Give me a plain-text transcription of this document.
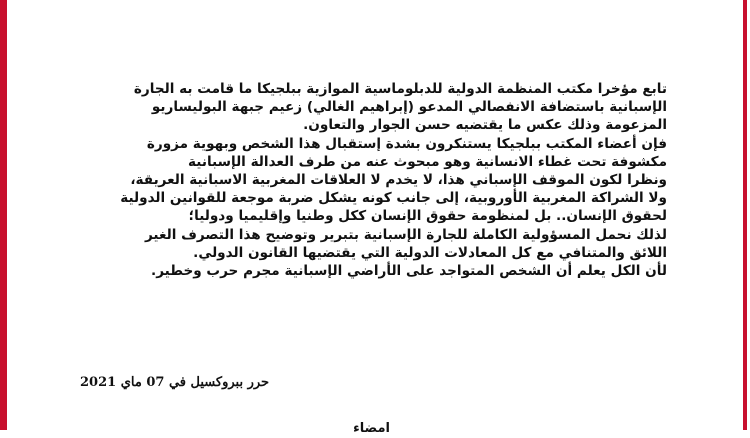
تابع مؤخرا مكتب المنظمة الدولية للدبلوماسية الموازية ببلجيكا ما قامت به الجارة

الإسبانية باستضافة الانفصالي المدعو (إبراهيم الغالي) زعيم جبهة البوليساريو

المزعومة وذلك عكس ما يقتضيه حسن الجوار والتعاون.

فإن أعضاء المكتب ببلجيكا يستنكرون بشدة إستقبال هذا الشخص وبهوية مزورة

مكشوفة تحت غطاء الانسانية وهو مبحوث عنه من طرف العدالة الإسبانية

ونظرا لكون الموقف الإسباني هذا، لا يخدم لا العلاقات المغربية الاسبانية العريقة،

ولا الشراكة المغربية الأوروبية، إلى جانب كونه يشكل ضربة موجعة للقوانين الدولية

لحقوق الإنسان.. بل لمنظومة حقوق الإنسان ككل وطنيا وإقليميا ودوليا؛

لذلك نحمل المسؤولية الكاملة للجارة الإسبانية بتبرير وتوضيح هذا التصرف الغير

اللائق والمتنافي مع كل المعادلات الدولية التي يقتضيها القانون الدولي.

لأن الكل يعلم أن الشخص المتواجد على الأراضي الإسبانية مجرم حرب وخطير.

حرر ببروكسيل في 07 ماي 2021
امضاء
